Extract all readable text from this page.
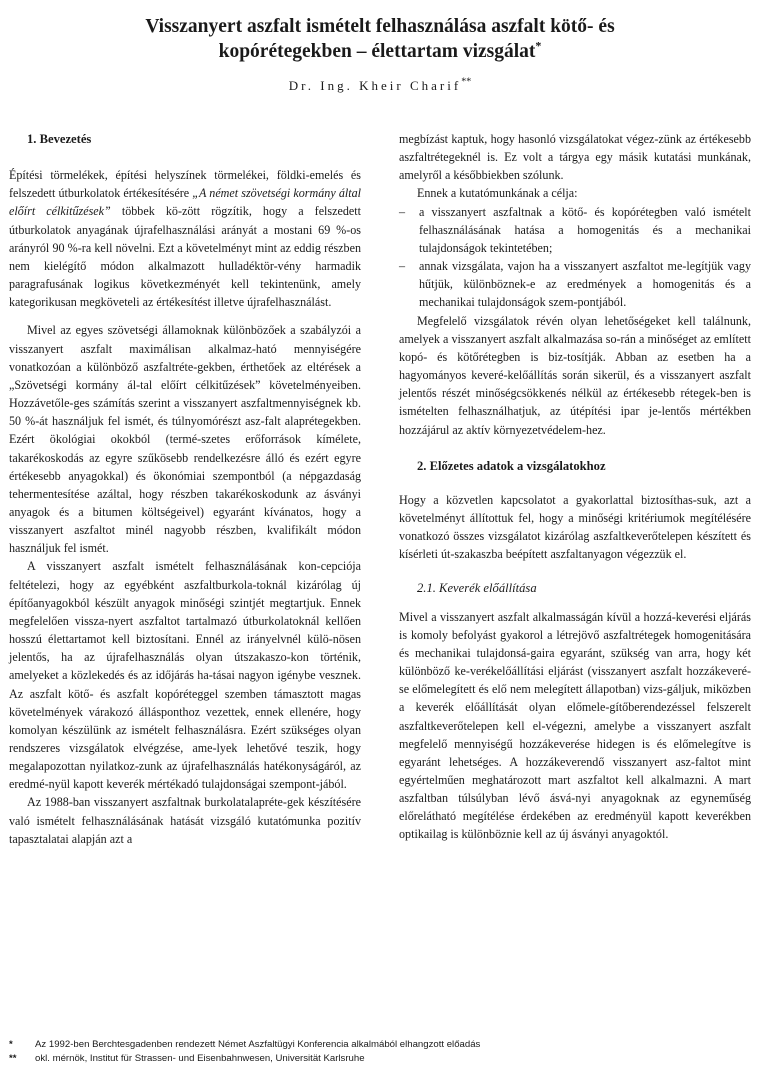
Visszanyert aszfalt ismételt felhasználása aszfalt kötő- és
kopórétegekben – élettartam vizsgálat*
Dr. Ing. Kheir Charif**

1. Bevezetés

Építési törmelékek, építési helyszínek törmelékei, földki-emelés és felszedett útburkolatok értékesítésére „A német szövetségi kormány által előírt célkitűzések” többek kö-zött rögzítik, hogy a felszedett útburkolatok anyagának újrafelhasználási arányát a mostani 69 %-os arányról 90 %-ra kell növelni. Ezt a követelményt mint az eddig részben nem kielégítő módon alkalmazott hulladéktör-vény harmadik paragrafusának logikus következményét kell tekintenünk, amely kategorikusan megköveteli az értékesítést illetve újrafelhasználást.

Mivel az egyes szövetségi államoknak különbözőek a szabályzói a visszanyert aszfalt maximálisan alkalmaz-ható mennyiségére vonatkozóan a különböző aszfaltréte-gekben, érthetőek az eltérések a „Szövetségi kormány ál-tal előírt célkitűzések” követelményeiben. Hozzávetőle-ges számítás szerint a visszanyert aszfaltmennyiségnek kb. 50 %-át használjuk fel ismét, és túlnyomórészt asz-falt alaprétegekben. Ezért ökológiai okokból (termé-szetes erőforrások kímélete, takarékoskodás az egyre szűkösebb rendelkezésre álló és ezért egyre értékesebb anyagokkal) és ökonómiai szempontból (a népgazdaság tehermentesítése azáltal, hogy részben takarékoskodunk az ásványi anyagok és a bitumen költségeivel) egyaránt kívánatos, hogy a visszanyert aszfaltot minél nagyobb részben, kvalifikált módon használjuk fel ismét.

A visszanyert aszfalt ismételt felhasználásának kon-cepciója feltételezi, hogy az egyébként aszfaltburkola-toknál kizárólag új építőanyagokból készült anyagok minőségi szintjét megtartjuk. Ennek megfelelően vissza-nyert aszfaltot tartalmazó útburkolatoknál kellően hosszú élettartamot kell biztosítani. Ennél az irányelvnél külö-nösen jelentős, ha az újrafelhasználás olyan útszakaszo-kon történik, amelyeket a közlekedés és az időjárás ha-tásai nagyon igénybe vesznek. Az aszfalt kötő- és aszfalt kopóréteggel szemben támasztott magas követelmények várakozó állásponthoz vezettek, ennek ellenére, hogy komolyan készülünk az ismételt felhasználásra. Ezért szükséges olyan rendszeres vizsgálatok elvégzése, ame-lyek lehetővé teszik, hogy megalapozottan nyilatkoz-zunk az újrafelhasználás hatékonyságáról, az eredmé-nyül kapott keverék mértékadó tulajdonságai szempont-jából.

Az 1988-ban visszanyert aszfaltnak burkolatalapréte-gek készítésére való ismételt felhasználásának hatását vizsgáló kutatómunka pozitív tapasztalatai alapján azt a

megbízást kaptuk, hogy hasonló vizsgálatokat végez-zünk az értékesebb aszfaltrétegeknél is. Ez volt a tárgya egy másik kutatási munkának, amelyről a későbbiekben szólunk.

Ennek a kutatómunkának a célja:

– a visszanyert aszfaltnak a kötő- és kopórétegben való ismételt felhasználásának hatása a homogenitás és a mechanikai tulajdonságok tekintetében;
– annak vizsgálata, vajon ha a visszanyert aszfaltot me-legítjük vagy hűtjük, különböznek-e az eredmények a homogenitás és a mechanikai tulajdonságok szem-pontjából.

Megfelelő vizsgálatok révén olyan lehetőségeket kell találnunk, amelyek a visszanyert aszfalt alkalmazása so-rán a minőséget az említett kopó- és kötőrétegben is biz-tosítják. Abban az esetben ha a hagyományos keveré-kelőállítás során sikerül, és a visszanyert aszfalt jelentős részét minőségcsökkenés nélkül az értékesebb rétegek-ben is ismételten felhasználhatjuk, az útépítési ipar je-lentős mértékben hozzájárul az aktív környezetvédelem-hez.

2. Előzetes adatok a vizsgálatokhoz

Hogy a közvetlen kapcsolatot a gyakorlattal biztosíthas-suk, azt a követelményt állítottuk fel, hogy a minőségi kritériumok megítélésére vonatkozó összes vizsgálatot kizárólag aszfaltkeverőtelepen készített és kísérleti út-szakaszba beépített aszfaltanyagon végezzük el.

2.1. Keverék előállítása

Mivel a visszanyert aszfalt alkalmasságán kívül a hozzá-keverési eljárás is komoly befolyást gyakorol a létrejövő aszfaltrétegek homogenitására és mechanikai tulajdonsá-gaira egyaránt, szükség van arra, hogy két különböző ke-verékelőállítási eljárást (visszanyert aszfalt hozzákeveré-se előmelegített és elő nem melegített állapotban) vizs-gáljuk, miközben a keverék előállítását olyan előmele-gítőberendezéssel felszerelt aszfaltkeverőtelepen kell el-végezni, amelybe a visszanyert aszfalt megfelelő mennyiségű hozzákeverése hidegen is és előmelegítve is egyaránt lehetséges. A hozzákeverendő visszanyert asz-faltot mint egyértelműen meghatározott mart aszfaltot kell alkalmazni. A mart aszfaltban túlsúlyban lévő ásvá-nyi anyagoknak az egyneműség előrelátható megítélése érdekében az eredményül kapott keverékben optikailag is különböznie kell az új ásványi anyagoktól.

*	Az 1992-ben Berchtesgadenben rendezett Német Aszfaltügyi Konferencia alkalmából elhangzott előadás
**	okl. mérnök, Institut für Strassen- und Eisenbahnwesen, Universität Karlsruhe
